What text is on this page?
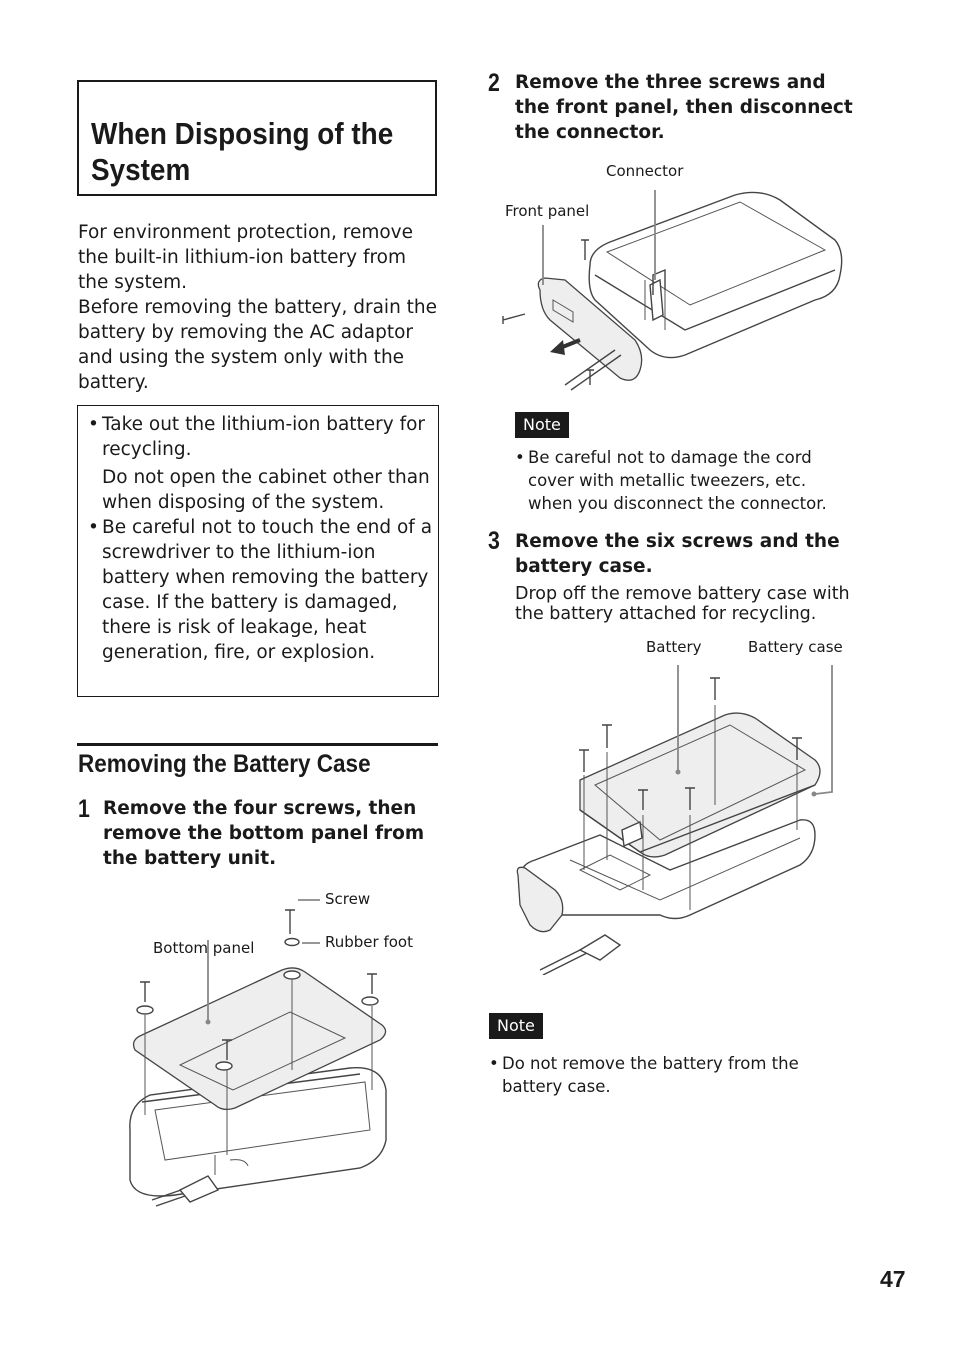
When Disposing of the System

For environment protection, remove the built-in lithium-ion battery from the system.

Before removing the battery, drain the battery by removing the AC adaptor and using the system only with the battery.

• Take out the lithium-ion battery for recycling.
Do not open the cabinet other than when disposing of the system.
• Be careful not to touch the end of a screwdriver to the lithium-ion battery when removing the battery case. If the battery is damaged, there is risk of leakage, heat generation, fire, or explosion.
Removing the Battery Case
1 Remove the four screws, then remove the bottom panel from the battery unit.
Screw
Rubber foot
Bottom panel
2 Remove the three screws and the front panel, then disconnect the connector.
Connector
Front panel
Note
• Be careful not to damage the cord cover with metallic tweezers, etc. when you disconnect the connector.
3 Remove the six screws and the battery case.
Drop off the remove battery case with the battery attached for recycling.
Battery	Battery case
Note
• Do not remove the battery from the battery case.
47
